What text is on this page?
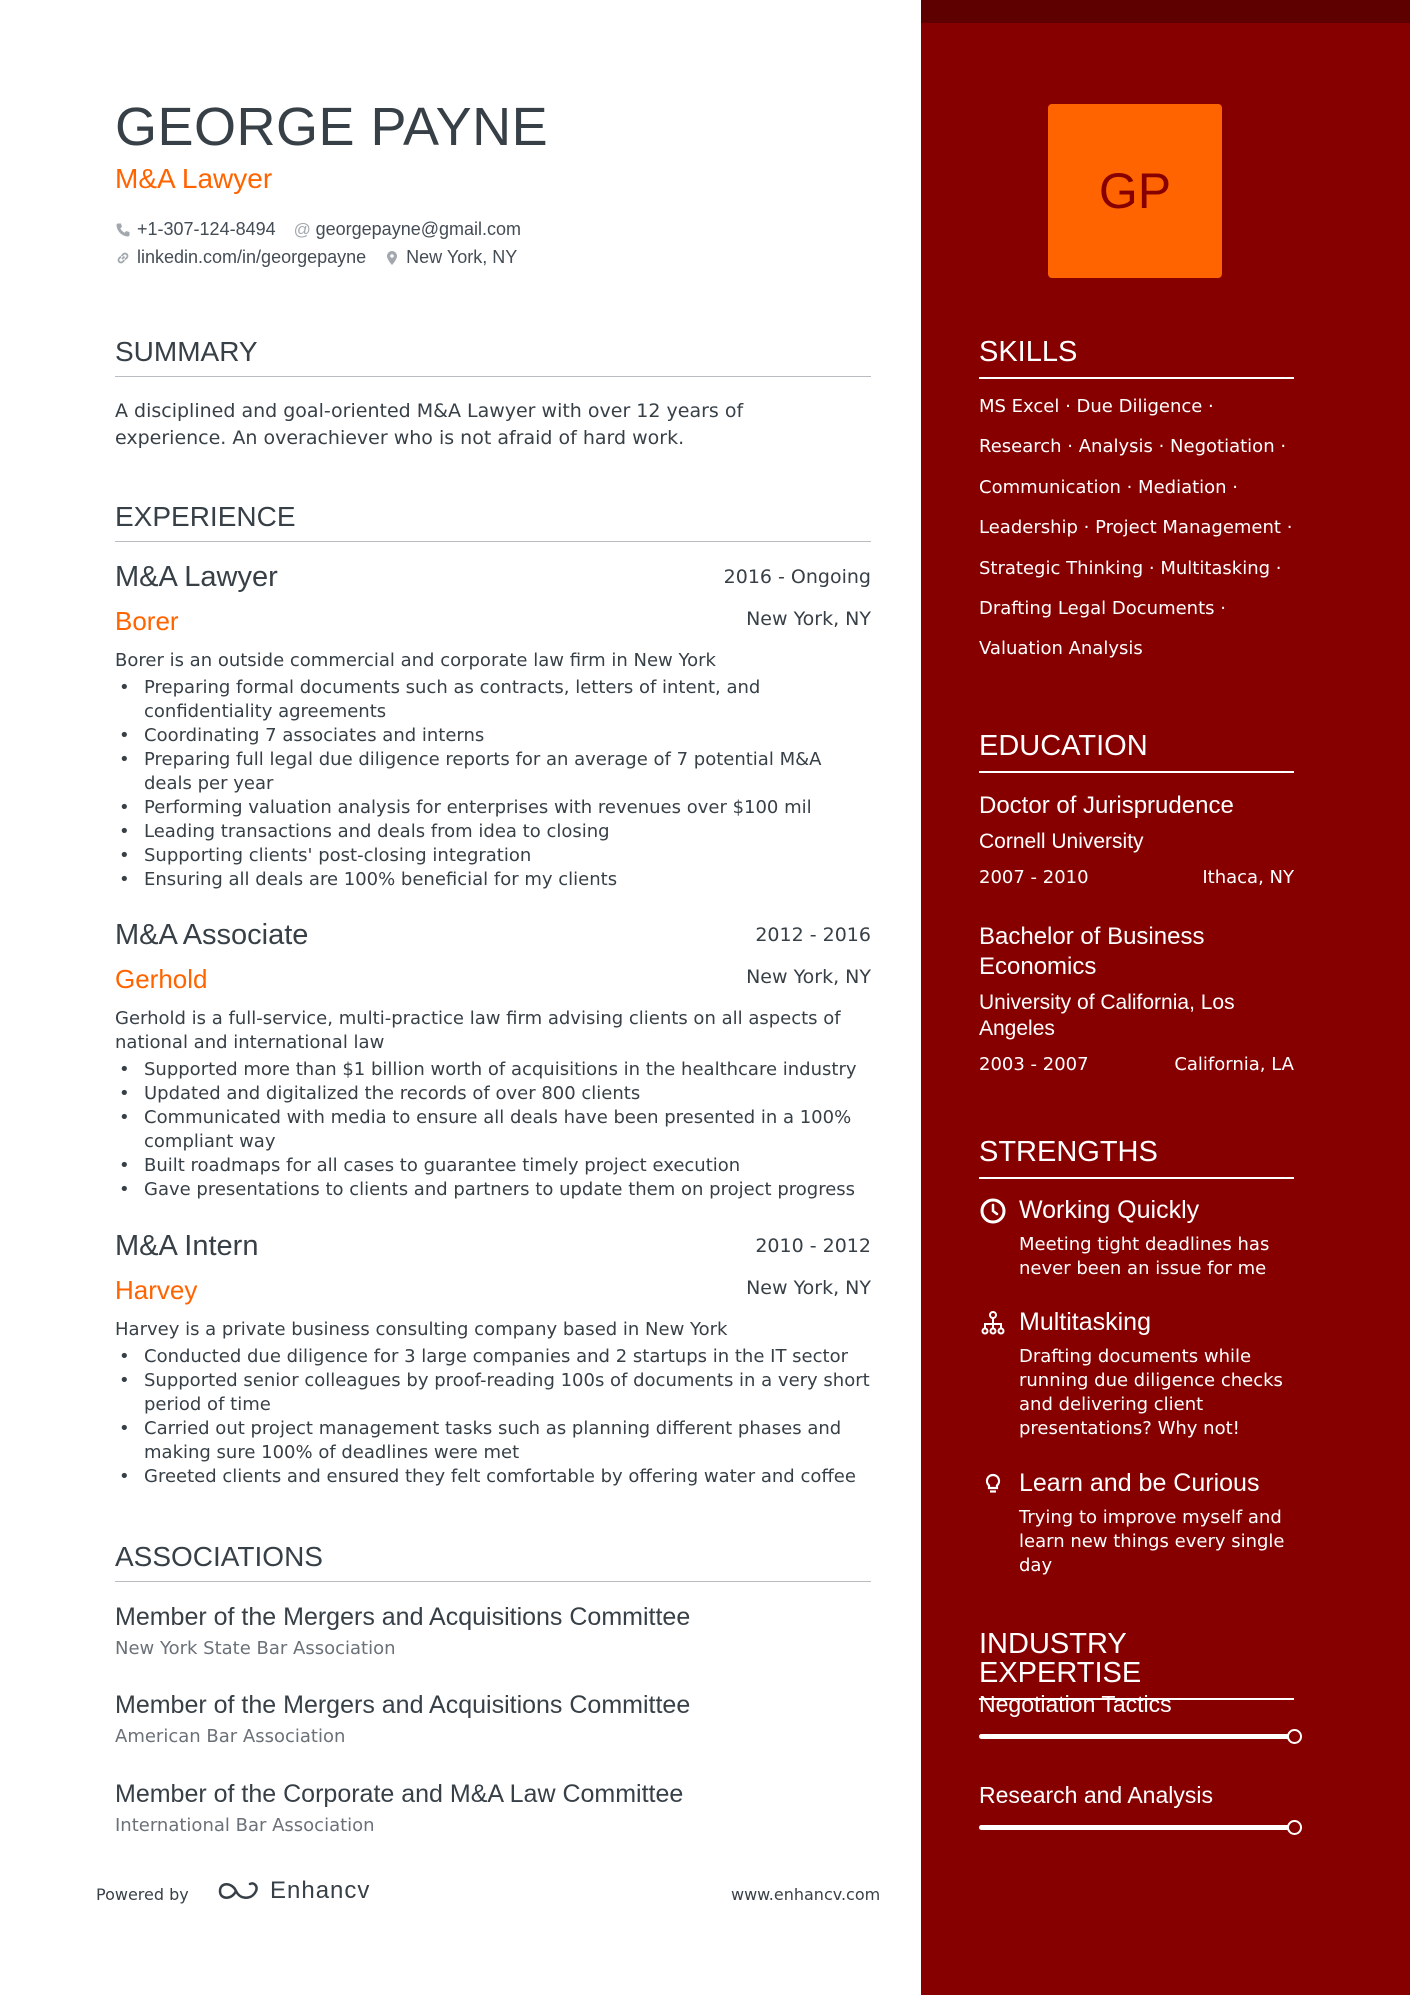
GEORGE PAYNE
M&A Lawyer
+1-307-124-8494 @ georgepayne@gmail.com
linkedin.com/in/georgepayne New York, NY
SUMMARY

A disciplined and goal-oriented M&A Lawyer with over 12 years of experience. An overachiever who is not afraid of hard work.

EXPERIENCE
M&A Lawyer	2016 - Ongoing
Borer	New York, NY

Borer is an outside commercial and corporate law firm in New York

• Preparing formal documents such as contracts, letters of intent, and confidentiality agreements
• Coordinating 7 associates and interns
• Preparing full legal due diligence reports for an average of 7 potential M&A deals per year
• Performing valuation analysis for enterprises with revenues over $100 mil
• Leading transactions and deals from idea to closing
• Supporting clients' post-closing integration
• Ensuring all deals are 100% beneficial for my clients
M&A Associate	2012 - 2016
Gerhold	New York, NY

Gerhold is a full-service, multi-practice law firm advising clients on all aspects of national and international law

• Supported more than $1 billion worth of acquisitions in the healthcare industry
• Updated and digitalized the records of over 800 clients
• Communicated with media to ensure all deals have been presented in a 100% compliant way
• Built roadmaps for all cases to guarantee timely project execution
• Gave presentations to clients and partners to update them on project progress
M&A Intern	2010 - 2012
Harvey	New York, NY

Harvey is a private business consulting company based in New York

• Conducted due diligence for 3 large companies and 2 startups in the IT sector
• Supported senior colleagues by proof-reading 100s of documents in a very short period of time
• Carried out project management tasks such as planning different phases and making sure 100% of deadlines were met
• Greeted clients and ensured they felt comfortable by offering water and coffee
ASSOCIATIONS
Member of the Mergers and Acquisitions Committee
New York State Bar Association
Member of the Mergers and Acquisitions Committee
American Bar Association
Member of the Corporate and M&A Law Committee
International Bar Association
Powered by	Enhancv	www.enhancv.com
GP
SKILLS
MS Excel · Due Diligence ·
Research · Analysis · Negotiation ·
Communication · Mediation ·
Leadership · Project Management ·
Strategic Thinking · Multitasking ·
Drafting Legal Documents ·
Valuation Analysis
EDUCATION
Doctor of Jurisprudence
Cornell University
2007 - 2010	Ithaca, NY
Bachelor of Business Economics
University of California, Los Angeles
2003 - 2007	California, LA
STRENGTHS
Working Quickly
Meeting tight deadlines has never been an issue for me
Multitasking
Drafting documents while running due diligence checks and delivering client presentations? Why not!
Learn and be Curious
Trying to improve myself and learn new things every single day
INDUSTRY EXPERTISE
Negotiation Tactics
Research and Analysis
